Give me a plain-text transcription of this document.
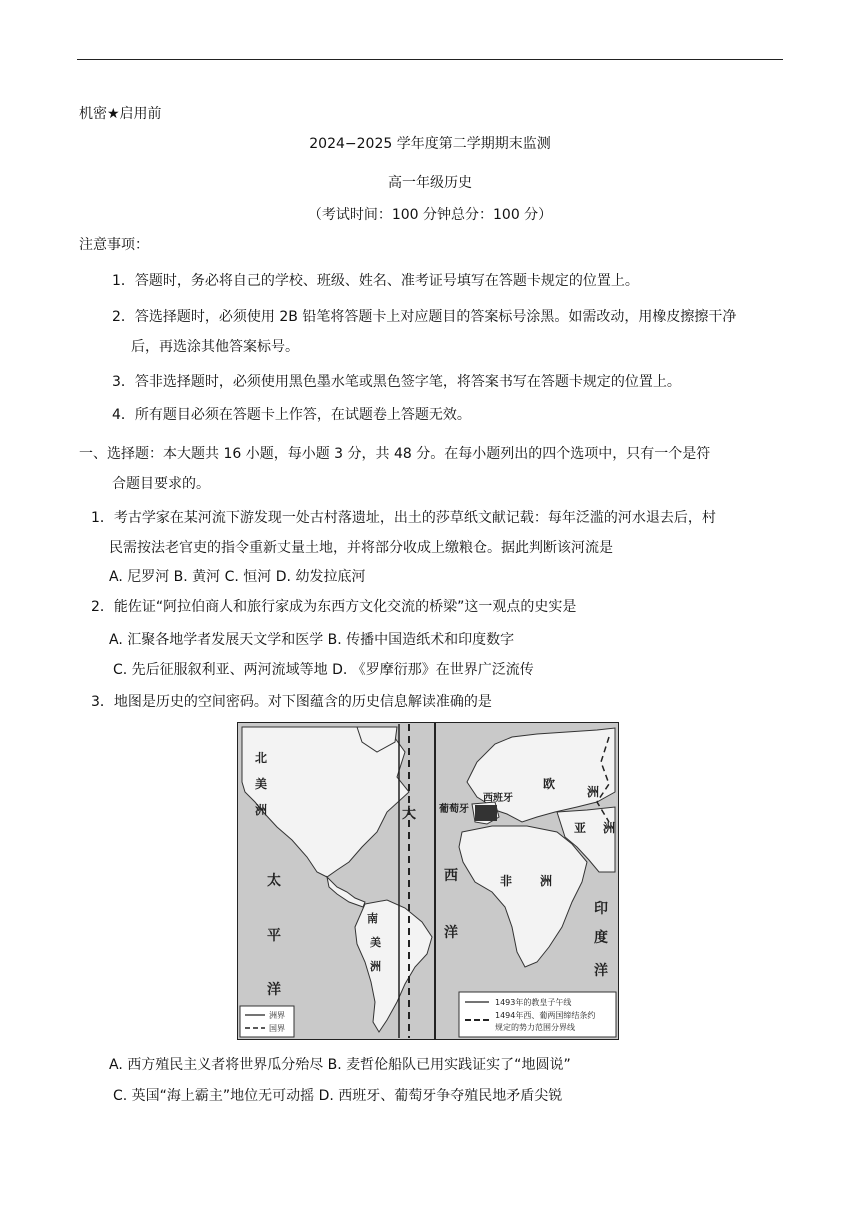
机密★启用前
2024−2025 学年度第二学期期末监测
高一年级历史
（考试时间：100 分钟总分：100 分）
注意事项：
1．答题时，务必将自己的学校、班级、姓名、准考证号填写在答题卡规定的位置上。
2．答选择题时，必须使用 2B 铅笔将答题卡上对应题目的答案标号涂黑。如需改动，用橡皮擦擦干净
后，再选涂其他答案标号。
3．答非选择题时，必须使用黑色墨水笔或黑色签字笔，将答案书写在答题卡规定的位置上。
4．所有题目必须在答题卡上作答，在试题卷上答题无效。
一、选择题：本大题共 16 小题，每小题 3 分，共 48 分。在每小题列出的四个选项中，只有一个是符
合题目要求的。
1．考古学家在某河流下游发现一处古村落遗址，出土的莎草纸文献记载：每年泛滥的河水退去后，村
民需按法老官吏的指令重新丈量土地，并将部分收成上缴粮仓。据此判断该河流是
A. 尼罗河 B. 黄河 C. 恒河 D. 幼发拉底河
2．能佐证“阿拉伯商人和旅行家成为东西方文化交流的桥梁”这一观点的史实是
A. 汇聚各地学者发展天文学和医学 B. 传播中国造纸术和印度数字
C. 先后征服叙利亚、两河流域等地 D. 《罗摩衍那》在世界广泛流传
3．地图是历史的空间密码。对下图蕴含的历史信息解读准确的是
北
美
洲
太
平
洋
南
美
洲
大
西
洋
欧
洲
亚 洲
非 洲
印
度
洋
西班牙
葡萄牙
洲界
国界
1493年的教皇子午线
1494年西、葡两国缔结条约
规定的势力范围分界线
A. 西方殖民主义者将世界瓜分殆尽 B. 麦哲伦船队已用实践证实了“地圆说”
C. 英国“海上霸主”地位无可动摇 D. 西班牙、葡萄牙争夺殖民地矛盾尖锐
